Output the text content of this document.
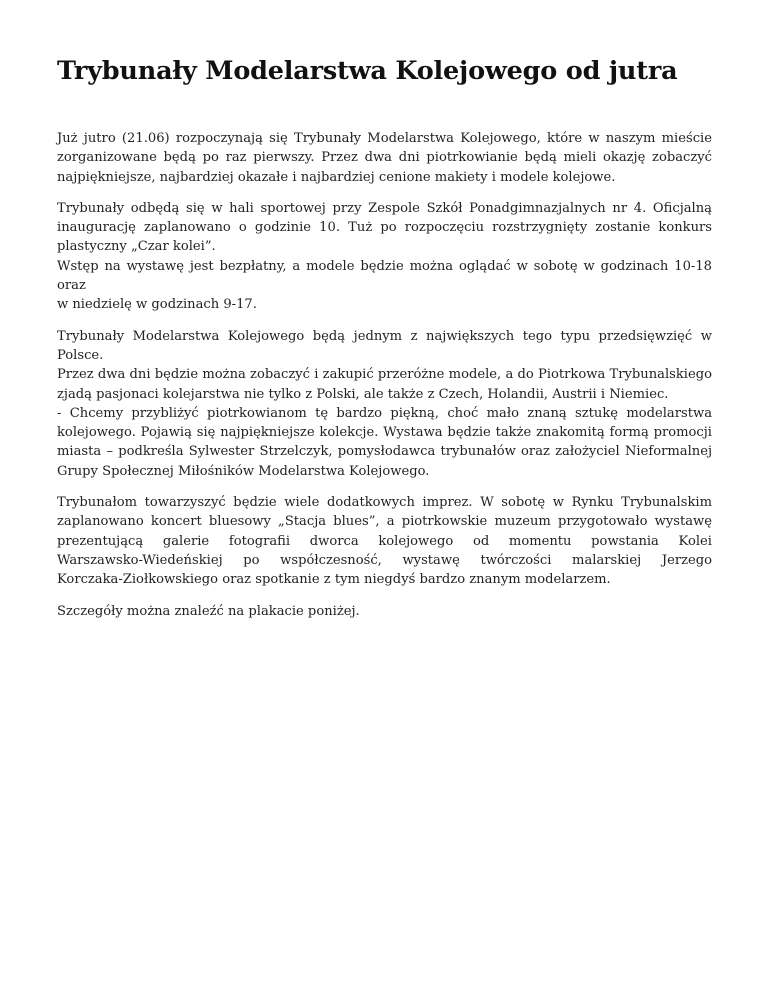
Trybunały Modelarstwa Kolejowego od jutra

Już jutro (21.06) rozpoczynają się Trybunały Modelarstwa Kolejowego, które w naszym mieście
zorganizowane będą po raz pierwszy. Przez dwa dni piotrkowianie będą mieli okazję zobaczyć
najpiękniejsze, najbardziej okazałe i najbardziej cenione makiety i modele kolejowe.

Trybunały odbędą się w hali sportowej przy Zespole Szkół Ponadgimnazjalnych nr 4. Oficjalną
inaugurację zaplanowano o godzinie 10. Tuż po rozpoczęciu rozstrzygnięty zostanie konkurs
plastyczny „Czar kolei”.
Wstęp na wystawę jest bezpłatny, a modele będzie można oglądać w sobotę w godzinach 10-18 oraz
w niedzielę w godzinach 9-17.

Trybunały Modelarstwa Kolejowego będą jednym z największych tego typu przedsięwzięć w Polsce.
Przez dwa dni będzie można zobaczyć i zakupić przeróżne modele, a do Piotrkowa Trybunalskiego
zjadą pasjonaci kolejarstwa nie tylko z Polski, ale także z Czech, Holandii, Austrii i Niemiec.
- Chcemy przybliżyć piotrkowianom tę bardzo piękną, choć mało znaną sztukę modelarstwa
kolejowego. Pojawią się najpiękniejsze kolekcje. Wystawa będzie także znakomitą formą promocji
miasta – podkreśla Sylwester Strzelczyk, pomysłodawca trybunałów oraz założyciel Nieformalnej
Grupy Społecznej Miłośników Modelarstwa Kolejowego.

Trybunałom towarzyszyć będzie wiele dodatkowych imprez. W sobotę w Rynku Trybunalskim
zaplanowano koncert bluesowy „Stacja blues”, a piotrkowskie muzeum przygotowało wystawę
prezentującą galerie fotografii dworca kolejowego od momentu powstania Kolei
Warszawsko-Wiedeńskiej po współczesność, wystawę twórczości malarskiej Jerzego
Korczaka-Ziołkowskiego oraz spotkanie z tym niegdyś bardzo znanym modelarzem.

Szczegóły można znaleźć na plakacie poniżej.
